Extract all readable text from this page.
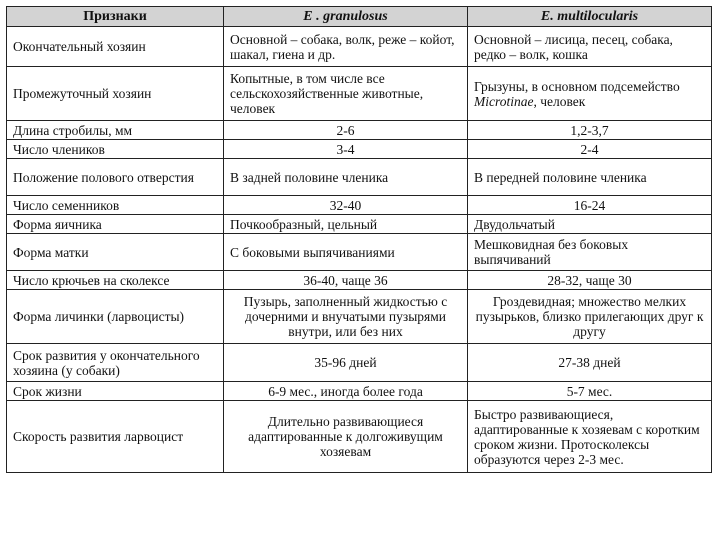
Признаки	E . granulosus	E. multilocularis
Окончательный хозяин	Основной – собака, волк, реже – койот, шакал, гиена и др.	Основной – лисица, песец, собака, редко – волк, кошка
Промежуточный хозяин	Копытные, в том числе все сельскохозяйственные животные, человек	Грызуны, в основном подсемейство Microtinae, человек
Длина стробилы, мм	2-6	1,2-3,7
Число члеников	3-4	2-4
Положение полового отверстия	В задней половине членика	В передней половине членика
Число семенников	32-40	16-24
Форма яичника	Почкообразный, цельный	Двудольчатый
Форма матки	С боковыми выпячиваниями	Мешковидная без боковых выпячиваний
Число крючьев на сколексе	36-40, чаще 36	28-32, чаще 30
Форма личинки (ларвоцисты)	Пузырь, заполненный жидкостью с дочерними и внучатыми пузырями внутри, или без них	Гроздевидная; множество мелких пузырьков, близко прилегающих друг к другу
Срок развития у окончательного хозяина (у собаки)	35-96 дней	27-38 дней
Срок жизни	6-9 мес., иногда более года	5-7 мес.
Скорость развития ларвоцист	Длительно развивающиеся адаптированные к долгоживущим хозяевам	Быстро развивающиеся, адаптированные к хозяевам с коротким сроком жизни. Протосколексы образуются через 2-3 мес.
